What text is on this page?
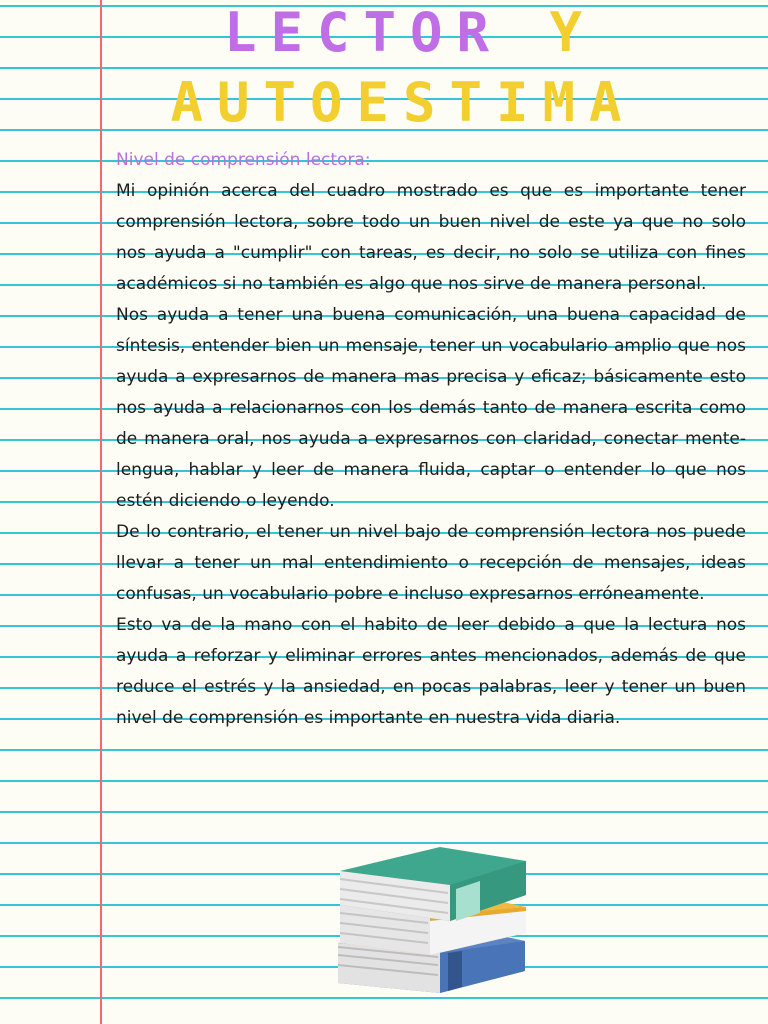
LECTOR Y
AUTOESTIMA
Nivel de comprensión lectora:

Mi opinión acerca del cuadro mostrado es que es importante tener comprensión lectora, sobre todo un buen nivel de este ya que no solo nos ayuda a "cumplir" con tareas, es decir, no solo se utiliza con fines académicos si no también es algo que nos sirve de manera personal.

Nos ayuda a tener una buena comunicación, una buena capacidad de síntesis, entender bien un mensaje, tener un vocabulario amplio que nos ayuda a expresarnos de manera mas precisa y eficaz; básicamente esto nos ayuda a relacionarnos con los demás tanto de manera escrita como de manera oral, nos ayuda a expresarnos con claridad, conectar mente-lengua, hablar y leer de manera fluida, captar o entender lo que nos estén diciendo o leyendo.

De lo contrario, el tener un nivel bajo de comprensión lectora nos puede llevar a tener un mal entendimiento o recepción de mensajes, ideas confusas, un vocabulario pobre e incluso expresarnos erróneamente.

Esto va de la mano con el habito de leer debido a que la lectura nos ayuda a reforzar y eliminar errores antes mencionados, además de que reduce el estrés y la ansiedad, en pocas palabras, leer y tener un buen nivel de comprensión es importante en nuestra vida diaria.
